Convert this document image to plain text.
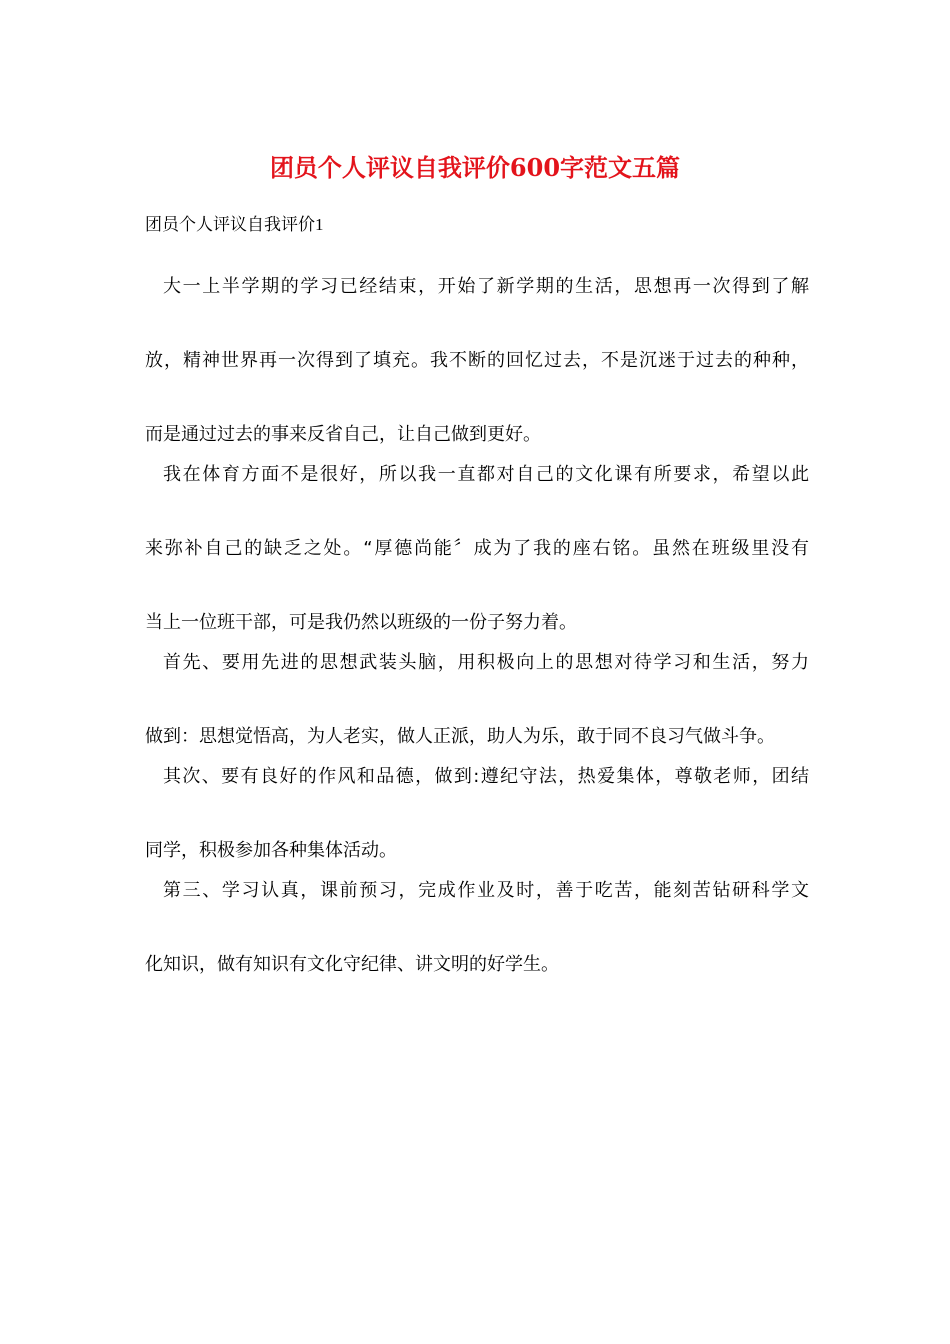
团员个人评议自我评价600字范文五篇

团员个人评议自我评价1

大一上半学期的学习已经结束，开始了新学期的生活，思想再一次得到了解
放，精神世界再一次得到了填充。我不断的回忆过去，不是沉迷于过去的种种，
而是通过过去的事来反省自己，让自己做到更好。

我在体育方面不是很好，所以我一直都对自己的文化课有所要求，希望以此
来弥补自己的缺乏之处。“厚德尚能〞成为了我的座右铭。虽然在班级里没有
当上一位班干部，可是我仍然以班级的一份子努力着。

首先、要用先进的思想武装头脑，用积极向上的思想对待学习和生活，努力
做到：思想觉悟高，为人老实，做人正派，助人为乐，敢于同不良习气做斗争。

其次、要有良好的作风和品德，做到:遵纪守法，热爱集体，尊敬老师，团结
同学，积极参加各种集体活动。

第三、学习认真，课前预习，完成作业及时，善于吃苦，能刻苦钻研科学文
化知识，做有知识有文化守纪律、讲文明的好学生。
